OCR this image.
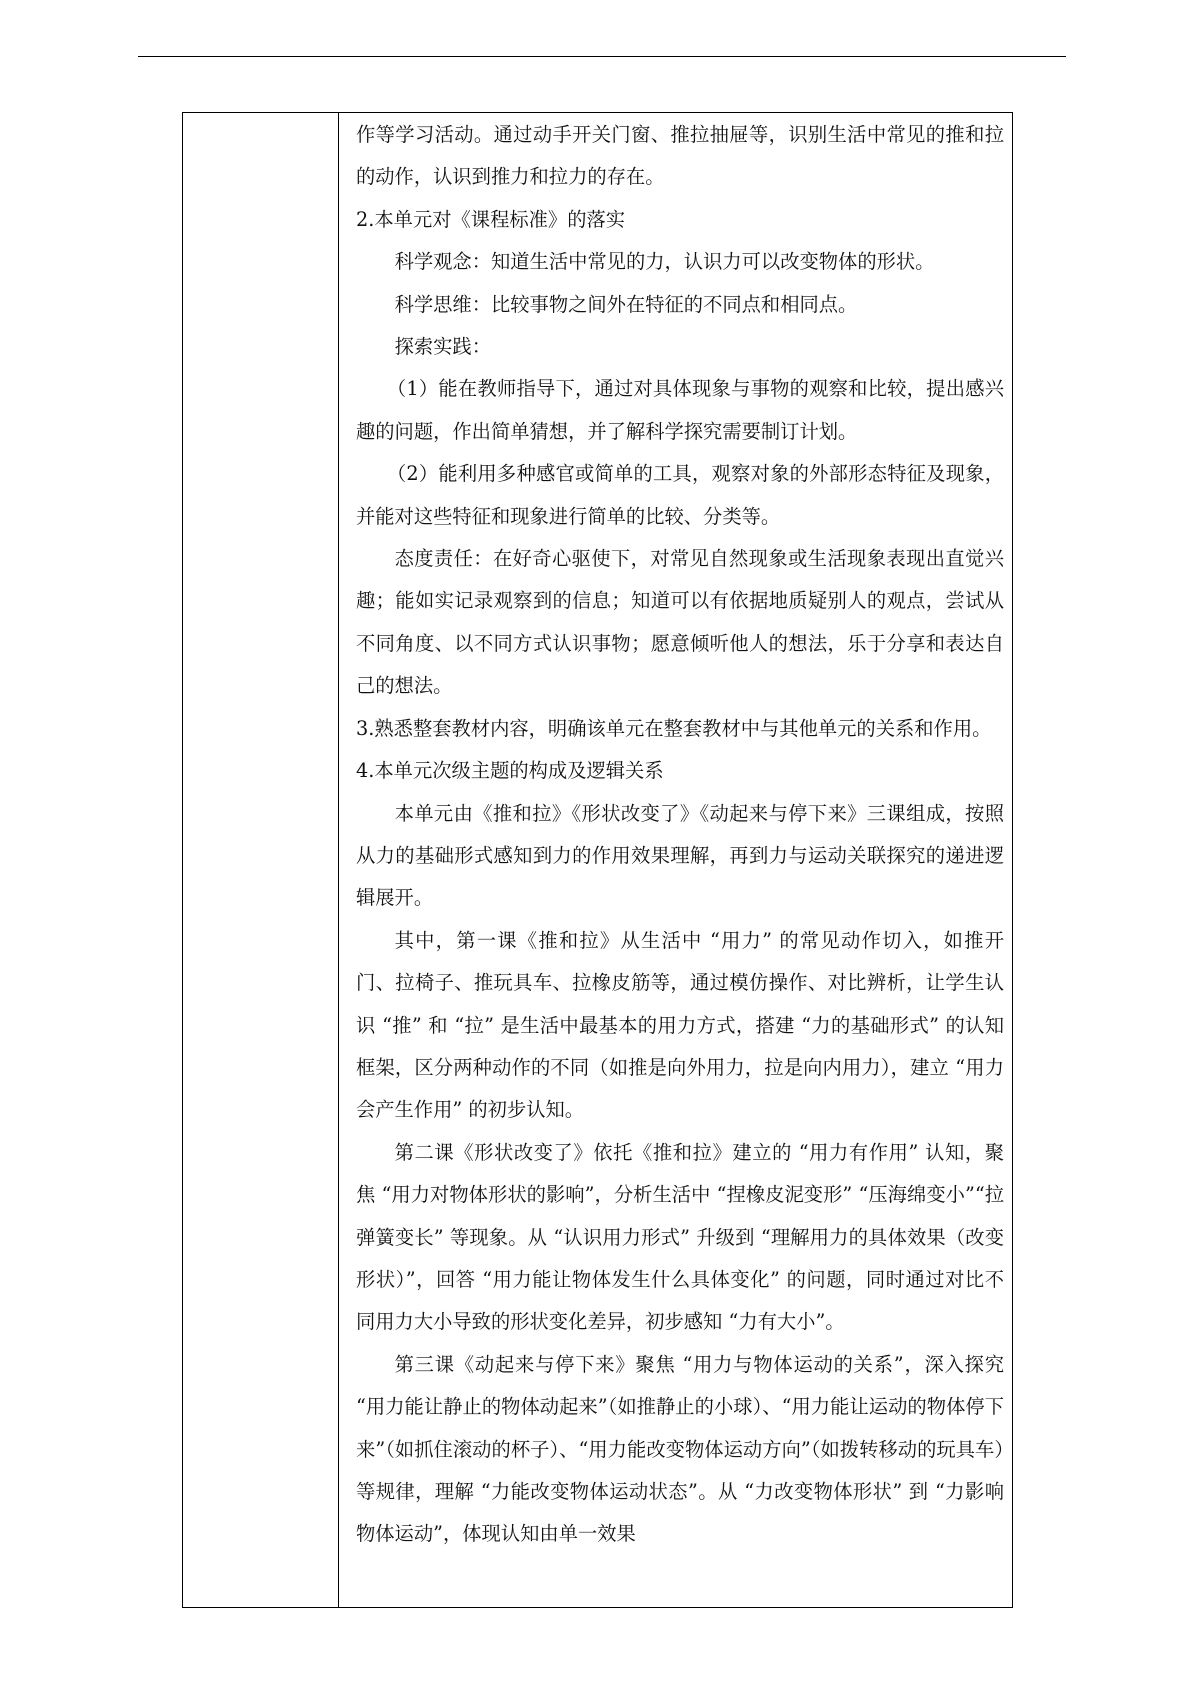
作等学习活动。通过动手开关门窗、推拉抽屉等，识别生活中常见的推和拉的动作，认识到推力和拉力的存在。

2.本单元对《课程标准》的落实

科学观念：知道生活中常见的力，认识力可以改变物体的形状。

科学思维：比较事物之间外在特征的不同点和相同点。

探索实践：

（1）能在教师指导下，通过对具体现象与事物的观察和比较，提出感兴趣的问题，作出简单猜想，并了解科学探究需要制订计划。

（2）能利用多种感官或简单的工具，观察对象的外部形态特征及现象，并能对这些特征和现象进行简单的比较、分类等。

态度责任：在好奇心驱使下，对常见自然现象或生活现象表现出直觉兴趣；能如实记录观察到的信息；知道可以有依据地质疑别人的观点，尝试从不同角度、以不同方式认识事物；愿意倾听他人的想法，乐于分享和表达自己的想法。

3.熟悉整套教材内容，明确该单元在整套教材中与其他单元的关系和作用。

4.本单元次级主题的构成及逻辑关系

本单元由《推和拉》《形状改变了》《动起来与停下来》三课组成，按照从力的基础形式感知到力的作用效果理解，再到力与运动关联探究的递进逻辑展开。

其中，第一课《推和拉》从生活中 “用力” 的常见动作切入，如推开门、拉椅子、推玩具车、拉橡皮筋等，通过模仿操作、对比辨析，让学生认识 “推” 和 “拉” 是生活中最基本的用力方式，搭建 “力的基础形式” 的认知框架，区分两种动作的不同（如推是向外用力，拉是向内用力），建立 “用力会产生作用” 的初步认知。

第二课《形状改变了》依托《推和拉》建立的 “用力有作用” 认知，聚焦 “用力对物体形状的影响”，分析生活中 “捏橡皮泥变形” “压海绵变小”“拉弹簧变长” 等现象。从 “认识用力形式” 升级到 “理解用力的具体效果（改变形状）”，回答 “用力能让物体发生什么具体变化” 的问题，同时通过对比不同用力大小导致的形状变化差异，初步感知 “力有大小”。

第三课《动起来与停下来》聚焦 “用力与物体运动的关系”，深入探究 “用力能让静止的物体动起来”（如推静止的小球）、“用力能让运动的物体停下来”（如抓住滚动的杯子）、“用力能改变物体运动方向”（如拨转移动的玩具车）等规律，理解 “力能改变物体运动状态”。从 “力改变物体形状” 到 “力影响物体运动”，体现认知由单一效果
